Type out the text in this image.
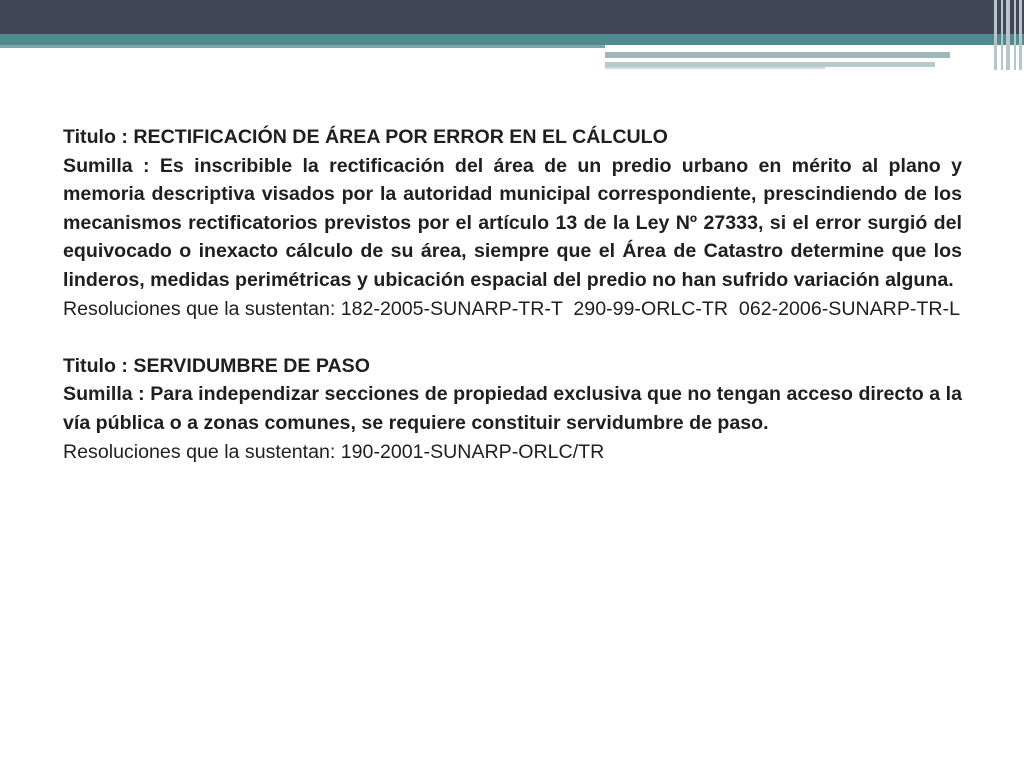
Titulo : RECTIFICACIÓN DE ÁREA POR ERROR EN EL CÁLCULO

Sumilla : Es inscribible la rectificación del área de un predio urbano en mérito al plano y memoria descriptiva visados por la autoridad municipal correspondiente, prescindiendo de los mecanismos rectificatorios previstos por el artículo 13 de la Ley Nº 27333, si el error surgió del equivocado o inexacto cálculo de su área, siempre que el Área de Catastro determine que los linderos, medidas perimétricas y ubicación espacial del predio no han sufrido variación alguna.

Resoluciones que la sustentan: 182-2005-SUNARP-TR-T  290-99-ORLC-TR  062-2006-SUNARP-TR-L

Titulo : SERVIDUMBRE DE PASO

Sumilla : Para independizar secciones de propiedad exclusiva que no tengan acceso directo a la vía pública o a zonas comunes, se requiere constituir servidumbre de paso.

Resoluciones que la sustentan: 190-2001-SUNARP-ORLC/TR
